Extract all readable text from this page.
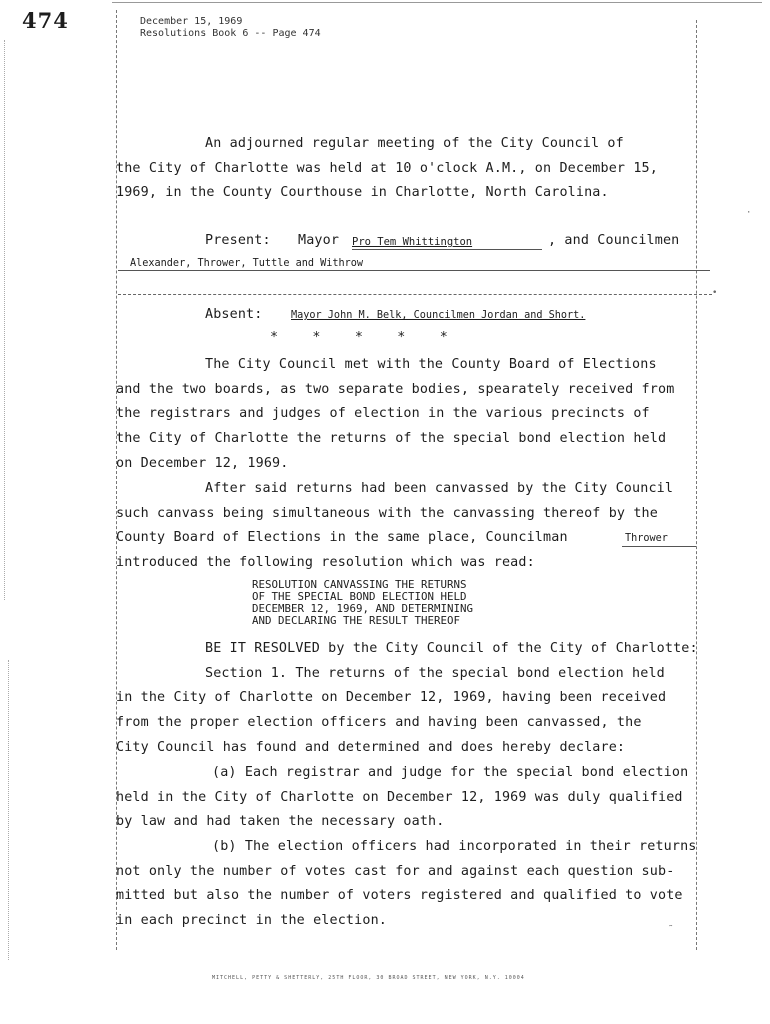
474	December 15, 1969
Resolutions Book 6 -- Page 474
An adjourned regular meeting of the City Council of
the City of Charlotte was held at 10 o'clock A.M., on December 15,
1969, in the County Courthouse in Charlotte, North Carolina.
Present: Mayor Pro Tem Whittington	, and Councilmen
Alexander, Thrower, Tuttle and Withrow
Absent:	Mayor John M. Belk, Councilmen Jordan and Short.
* * * * *
The City Council met with the County Board of Elections
and the two boards, as two separate bodies, spearately received from
the registrars and judges of election in the various precincts of
the City of Charlotte the returns of the special bond election held
on December 12, 1969.
After said returns had been canvassed by the City Council
such canvass being simultaneous with the canvassing thereof by the
County Board of Elections in the same place, Councilman	Thrower
introduced the following resolution which was read:
RESOLUTION CANVASSING THE RETURNS
OF THE SPECIAL BOND ELECTION HELD
DECEMBER 12, 1969, AND DETERMINING
AND DECLARING THE RESULT THEREOF
BE IT RESOLVED by the City Council of the City of Charlotte:
Section 1. The returns of the special bond election held
in the City of Charlotte on December 12, 1969, having been received
from the proper election officers and having been canvassed, the
City Council has found and determined and does hereby declare:
(a) Each registrar and judge for the special bond election
held in the City of Charlotte on December 12, 1969 was duly qualified
by law and had taken the necessary oath.
(b) The election officers had incorporated in their returns
not only the number of votes cast for and against each question sub-
mitted but also the number of voters registered and qualified to vote
in each precinct in the election.
MITCHELL, PETTY & SHETTERLY, 25TH FLOOR, 30 BROAD STREET, NEW YORK, N.Y. 10004
•
·
˜
